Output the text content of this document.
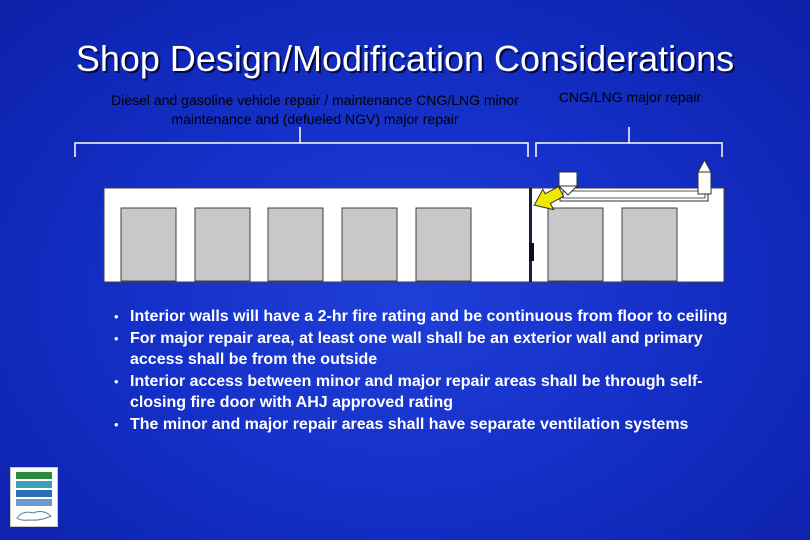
Shop Design/Modification Considerations
Diesel and gasoline vehicle repair / maintenance CNG/LNG minor maintenance and (defueled NGV) major repair
CNG/LNG major repair
• Interior walls will have a 2-hr fire rating and be continuous from floor to ceiling
• For major repair area, at least one wall shall be an exterior wall and primary access shall be from the outside
• Interior access between minor and major repair areas shall be through self-closing fire door with AHJ approved rating
• The minor and major repair areas shall have separate ventilation systems
